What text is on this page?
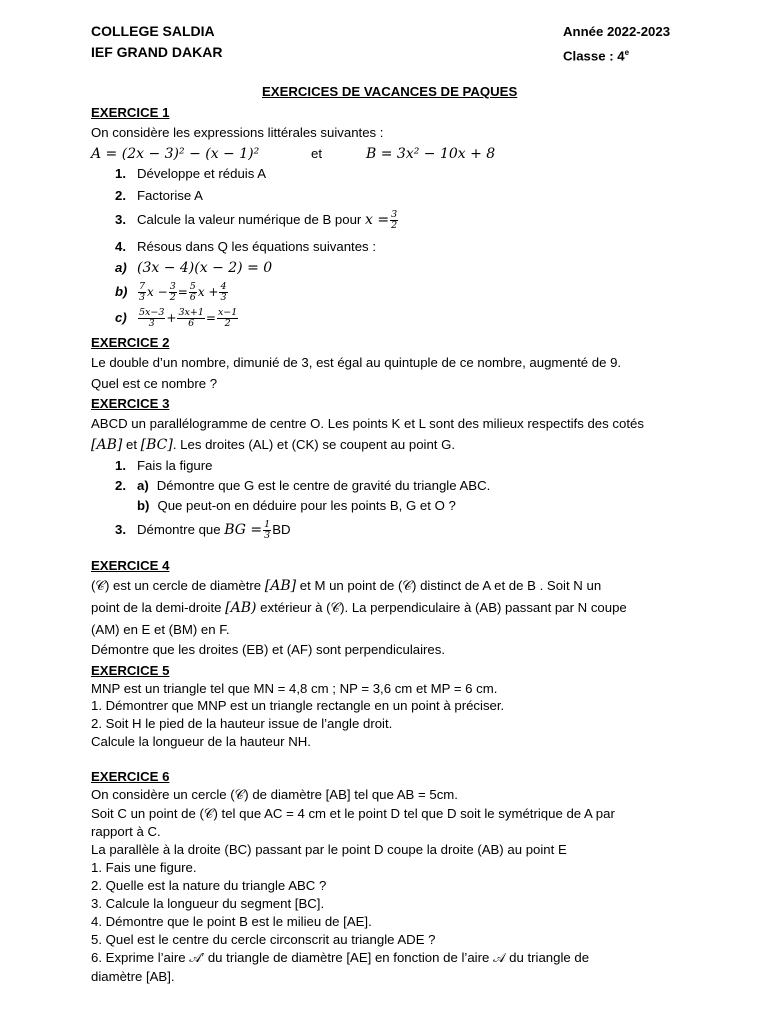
COLLEGE SALDIA
IEF GRAND DAKAR
Année 2022-2023
Classe : 4e
EXERCICES DE VACANCES DE PAQUES
EXERCICE 1
On considère les expressions littérales suivantes :
A = (2x − 3)² − (x − 1)²	et	B = 3x² − 10x + 8
1. Développe et réduis A
2. Factorise A
3. Calcule la valeur numérique de B pour $x = \frac{3}{2}$
4. Résous dans Q les équations suivantes :
a) (3x − 4)(x − 2) = 0
$b) \frac{7}{3}$ $x - \frac{3}{2} = \frac{5}{6}$ $x + \frac{4}{3}$
$c) \frac{5x-3}{3} + \frac{3x+1}{6} = \frac{x-1}{2}$
EXERCICE 2
Le double d’un nombre, dimunié de 3, est égal au quintuple de ce nombre, augmenté de 9.
Quel est ce nombre ?
EXERCICE 3
ABCD un parallélogramme de centre O. Les points K et L sont des milieux respectifs des cotés
[AB] et [BC]. Les droites (AL) et (CK) se coupent au point G.
1. Fais la figure
2. a) Démontre que G est le centre de gravité du triangle ABC.
b) Que peut-on en déduire pour les points B, G et O ?
3. Démontre que BG = $\frac{1}{3}$ BD
EXERCICE 4
(𝒞) est un cercle de diamètre [AB] et M un point de (𝒞) distinct de A et de B . Soit N un
point de la demi-droite [AB) extérieur à (𝒞). La perpendiculaire à (AB) passant par N coupe
(AM) en E et (BM) en F.
Démontre que les droites (EB) et (AF) sont perpendiculaires.
EXERCICE 5
MNP est un triangle tel que MN = 4,8 cm ; NP = 3,6 cm et MP = 6 cm.
1. Démontrer que MNP est un triangle rectangle en un point à préciser.
2. Soit H le pied de la hauteur issue de l’angle droit.
Calcule la longueur de la hauteur NH.
EXERCICE 6
On considère un cercle (𝒞) de diamètre [AB] tel que AB = 5cm.
Soit C un point de (𝒞) tel que AC = 4 cm et le point D tel que D soit le symétrique de A par
rapport à C.
La parallèle à la droite (BC) passant par le point D coupe la droite (AB) au point E
1. Fais une figure.
2. Quelle est la nature du triangle ABC ?
3. Calcule la longueur du segment [BC].
4. Démontre que le point B est le milieu de [AE].
5. Quel est le centre du cercle circonscrit au triangle ADE ?
6. Exprime l’aire 𝒜′ du triangle de diamètre [AE] en fonction de l’aire 𝒜 du triangle de
diamètre [AB].
